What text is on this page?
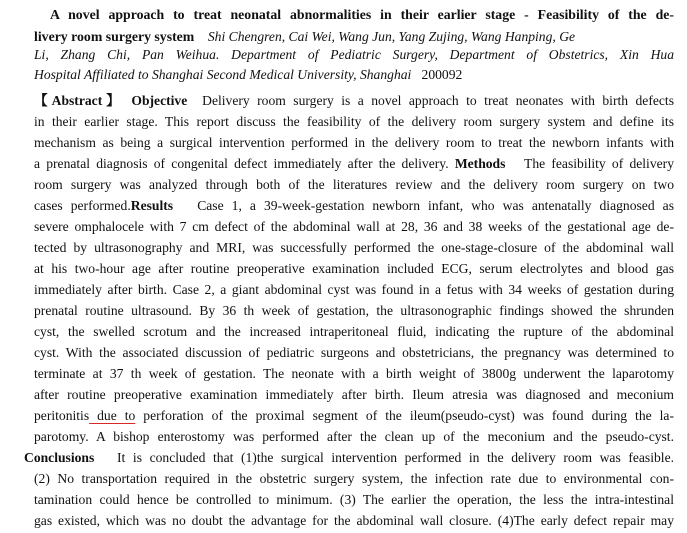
A novel approach to treat neonatal abnormalities in their earlier stage - Feasibility of the de-
livery room surgery system Shi Chengren, Cai Wei, Wang Jun, Yang Zujing, Wang Hanping, Ge
Li, Zhang Chi, Pan Weihua. Department of Pediatric Surgery, Department of Obstetrics, Xin Hua
Hospital Affiliated to Shanghai Second Medical University, Shanghai 200092
【Abstract】 Objective Delivery room surgery is a novel approach to treat neonates with birth defects
in their earlier stage. This report discuss the feasibility of the delivery room surgery system and define its
mechanism as being a surgical intervention performed in the delivery room to treat the newborn infants with
a prenatal diagnosis of congenital defect immediately after the delivery. Methods The feasibility of delivery
room surgery was analyzed through both of the literatures review and the delivery room surgery on two
cases performed.Results Case 1, a 39-week-gestation newborn infant, who was antenatally diagnosed as
severe omphalocele with 7 cm defect of the abdominal wall at 28, 36 and 38 weeks of the gestational age de-
tected by ultrasonography and MRI, was successfully performed the one-stage-closure of the abdominal wall
at his two-hour age after routine preoperative examination included ECG, serum electrolytes and blood gas
immediately after birth. Case 2, a giant abdominal cyst was found in a fetus with 34 weeks of gestation during
prenatal routine ultrasound. By 36 th week of gestation, the ultrasonographic findings showed the shrunden
cyst, the swelled scrotum and the increased intraperitoneal fluid, indicating the rupture of the abdominal
cyst. With the associated discussion of pediatric surgeons and obstetricians, the pregnancy was determined to
terminate at 37 th week of gestation. The neonate with a birth weight of 3800g underwent the laparotomy
after routine preoperative examination immediately after birth. Ileum atresia was diagnosed and meconium
peritonitis due to perforation of the proximal segment of the ileum(pseudo-cyst) was found during the la-
parotomy. A bishop enterostomy was performed after the clean up of the meconium and the pseudo-cyst.
Conclusions It is concluded that (1)the surgical intervention performed in the delivery room was feasible.
(2) No transportation required in the obstetric surgery system, the infection rate due to environmental con-
tamination could hence be controlled to minimum. (3) The earlier the operation, the less the intra-intestinal
gas existed, which was no doubt the advantage for the abdominal wall closure. (4)The early defect repair may
